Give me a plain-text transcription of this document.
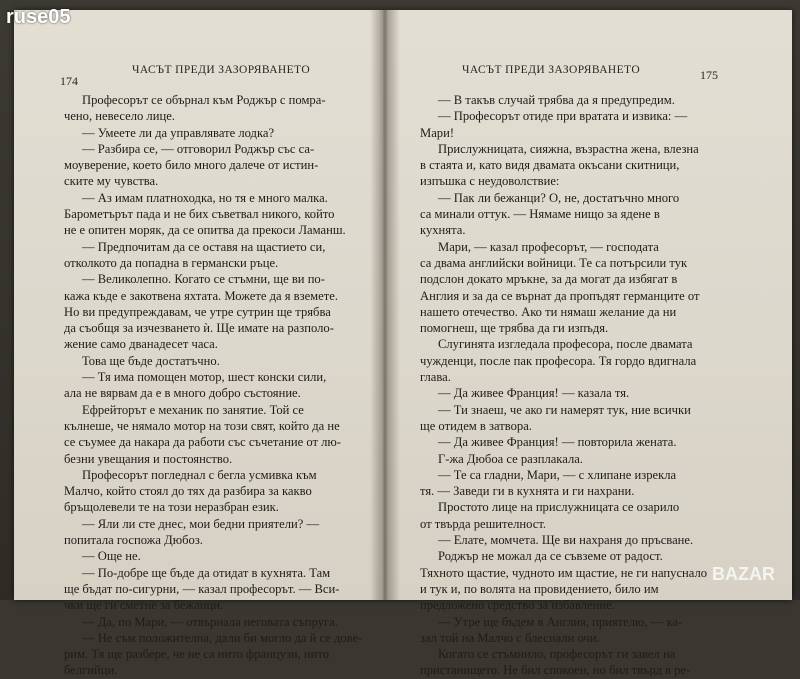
174
ЧАСЪТ ПРЕДИ ЗАЗОРЯВАНЕТО
Професорът се обърнал към Роджър с помра-
чено, невесело лице.
— Умеете ли да управлявате лодка?
— Разбира се, — отговорил Роджър със са-
моуверение, което било много далече от истин-
ските му чувства.
— Аз имам платноходка, но тя е много малка.
Барометърът пада и не бих съветвал никого, който
не е опитен моряк, да се опитва да прекоси Ламанш.
— Предпочитам да се оставя на щастието си,
отколкото да попадна в германски ръце.
— Великолепно. Когато се стъмни, ще ви по-
кажа къде е закотвена яхтата. Можете да я вземете.
Но ви предупреждавам, че утре сутрин ще трябва
да съобщя за изчезването ѝ. Ще имате на разполо-
жение само дванадесет часа.
Това ще бъде достатъчно.
— Тя има помощен мотор, шест конски сили,
ала не вярвам да е в много добро състояние.
Ефрейторът е механик по занятие. Той се
кълнеше, че нямало мотор на този свят, който да не
се съумее да накара да работи със съчетание от лю-
безни увещания и постоянство.
Професорът погледнал с бегла усмивка към
Малчо, който стоял до тях да разбира за какво
бръщолевели те на този неразбран език.
— Яли ли сте днес, мои бедни приятели? —
попитала госпожа Дюбоз.
— Още не.
— По-добре ще бъде да отидат в кухнята. Там
ще бъдат по-сигурни, — казал професорът. — Вси-
чки ще ги сметне за бежанци.
— Да, по Мари, — отвърнала неговата съпруга.
— Не съм положителна, дали би могло да й се дове-
рим. Тя ще разбере, че не са нито французи, нито
белгийци.
ЧАСЪТ ПРЕДИ ЗАЗОРЯВАНЕТО	175
— В такъв случай трябва да я предупредим.
— Професорът отиде при вратата и извика: —
Мари!
Прислужницата, сияжна, възрастна жена, влезна
в стаята и, като видя двамата окъсани скитници,
изпъшка с неудоволствие:
— Пак ли бежанци? О, не, достатъчно много
са минали оттук. — Нямаме нищо за ядене в
кухнята.
Мари, — казал професорът, — господата
са двама английски войници. Те са потърсили тук
подслон докато мръкне, за да могат да избягат в
Англия и за да се върнат да пропъдят германците от
нашето отечество. Ако ти нямаш желание да ни
помогнеш, ще трябва да ги изпъдя.
Слугинята изгледала професора, после двамата
чужденци, после пак професора. Тя гордо вдигнала
глава.
— Да живее Франция! — казала тя.
— Ти знаеш, че ако ги намерят тук, ние всички
ще отидем в затвора.
— Да живее Франция! — повторила жената.
Г-жа Дюбоа се разплакала.
— Те са гладни, Мари, — с хлипане изрекла
тя. — Заведи ги в кухнята и ги нахрани.
Простото лице на прислужницата се озарило
от твърда решителност.
— Елате, момчета. Ще ви нахраня до пръсване.
Роджър не можал да се съвземе от радост.
Тяхното щастие, чудното им щастие, не ги напуснало
и тук и, по волята на провидението, било им
предложено средство за избавление.
— Утре ще бъдем в Англия, приятелю, — ка-
зал тoй на Малчо с блеснали очи.
Когато се стъмнило, професорът ги завел на
пристанището. Не бил спокоен, но бил твърд в ре-
ruse05
BAZAR
